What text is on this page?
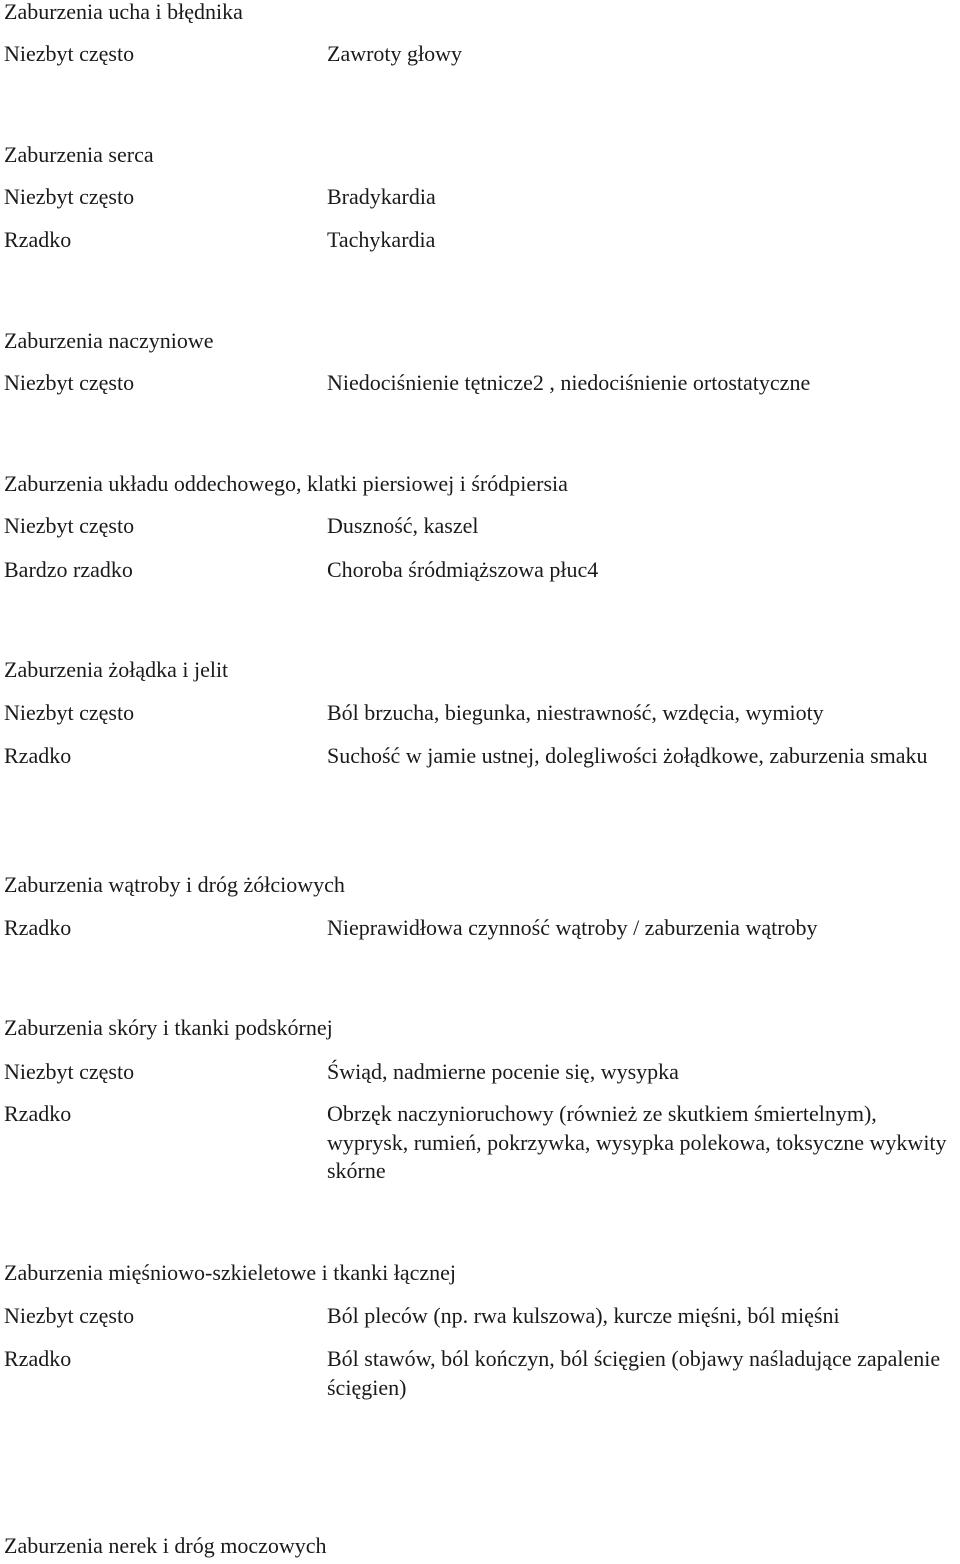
Zaburzenia ucha i błędnika
Niezbyt często	Zawroty głowy
Zaburzenia serca
Niezbyt często	Bradykardia
Rzadko	Tachykardia
Zaburzenia naczyniowe
Niezbyt często	Niedociśnienie tętnicze2 , niedociśnienie ortostatyczne
Zaburzenia układu oddechowego, klatki piersiowej i śródpiersia
Niezbyt często	Duszność, kaszel
Bardzo rzadko	Choroba śródmiąższowa płuc4
Zaburzenia żołądka i jelit
Niezbyt często	Ból brzucha, biegunka, niestrawność, wzdęcia, wymioty
Rzadko	Suchość w jamie ustnej, dolegliwości żołądkowe, zaburzenia smaku
Zaburzenia wątroby i dróg żółciowych
Rzadko	Nieprawidłowa czynność wątroby / zaburzenia wątroby
Zaburzenia skóry i tkanki podskórnej
Niezbyt często	Świąd, nadmierne pocenie się, wysypka
Rzadko	Obrzęk naczynioruchowy (również ze skutkiem śmiertelnym), wyprysk, rumień, pokrzywka, wysypka polekowa, toksyczne wykwity skórne
Zaburzenia mięśniowo-szkieletowe i tkanki łącznej
Niezbyt często	Ból pleców (np. rwa kulszowa), kurcze mięśni, ból mięśni
Rzadko	Ból stawów, ból kończyn, ból ścięgien (objawy naśladujące zapalenie ścięgien)
Zaburzenia nerek i dróg moczowych
